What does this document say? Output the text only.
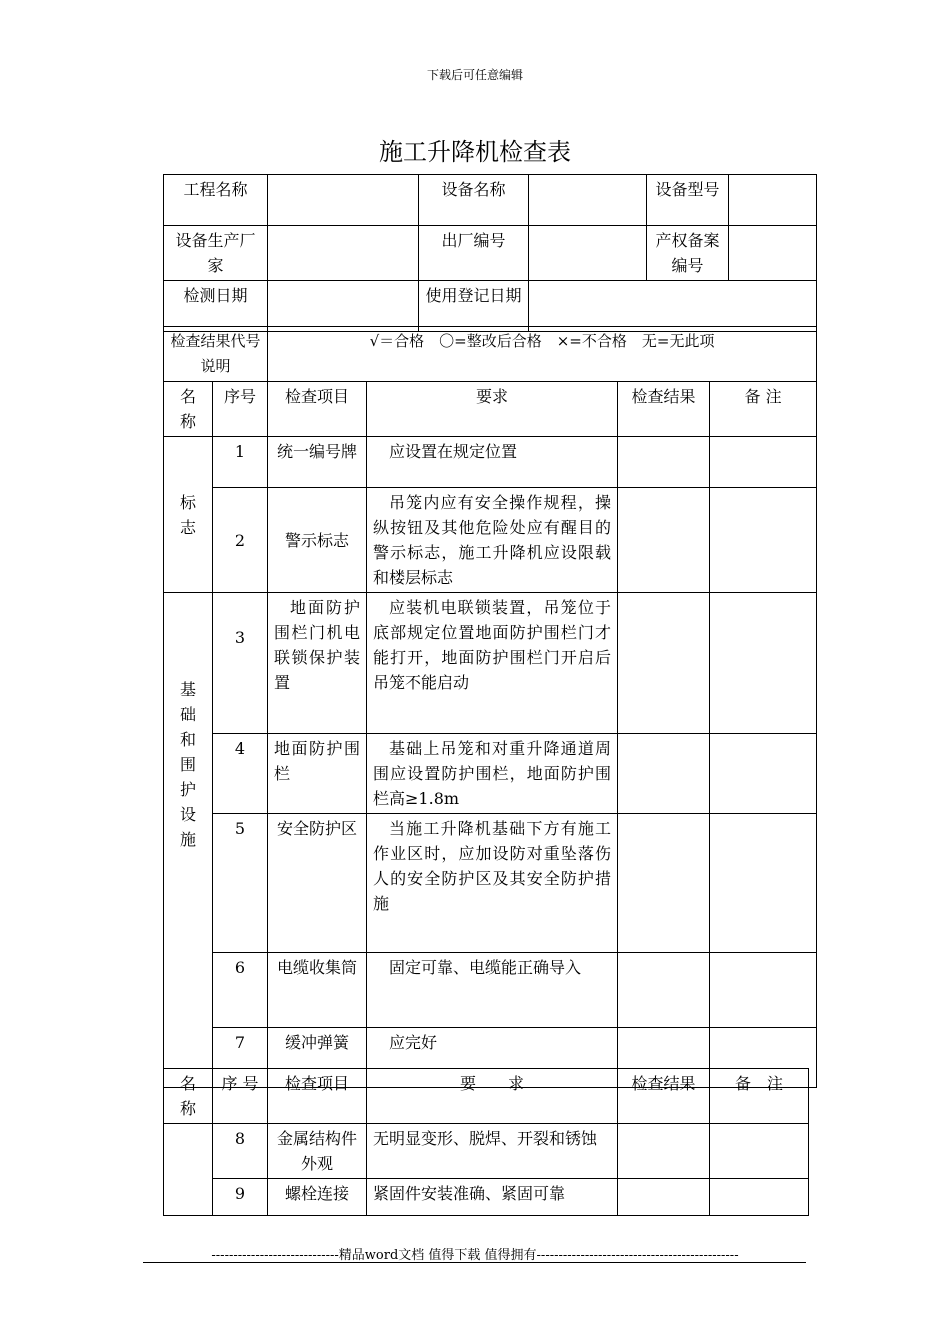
下载后可任意编辑
施工升降机检查表
工程名称		设备名称		设备型号	
设备生产厂家		出厂编号		产权备案编号	
检测日期		使用登记日期			
检查结果代号说明		√＝合格　〇=整改后合格　×=不合格　无=无此项			
名称	序号	检查项目	要求	检查结果	备 注
标志	1	统一编号牌	应设置在规定位置		
	2	警示标志	吊笼内应有安全操作规程，操纵按钮及其他危险处应有醒目的警示标志，施工升降机应设限载和楼层标志		
基础和围护设施	3	地面防护围栏门机电联锁保护装置	应装机电联锁装置，吊笼位于底部规定位置地面防护围栏门才能打开，地面防护围栏门开启后吊笼不能启动		
	4	地面防护围栏	基础上吊笼和对重升降通道周围应设置防护围栏，地面防护围栏高≥1.8m		
	5	安全防护区	当施工升降机基础下方有施工作业区时，应加设防对重坠落伤人的安全防护区及其安全防护措施		
	6	电缆收集筒	固定可靠、电缆能正确导入		
	7	缓冲弹簧	应完好		
名称	序 号	检查项目	要　　求	检查结果	备　注
	8	金属结构件外观	无明显变形、脱焊、开裂和锈蚀		
	9	螺栓连接	紧固件安装准确、紧固可靠		
-----------------------------精品word文档 值得下载 值得拥有----------------------------------------------
